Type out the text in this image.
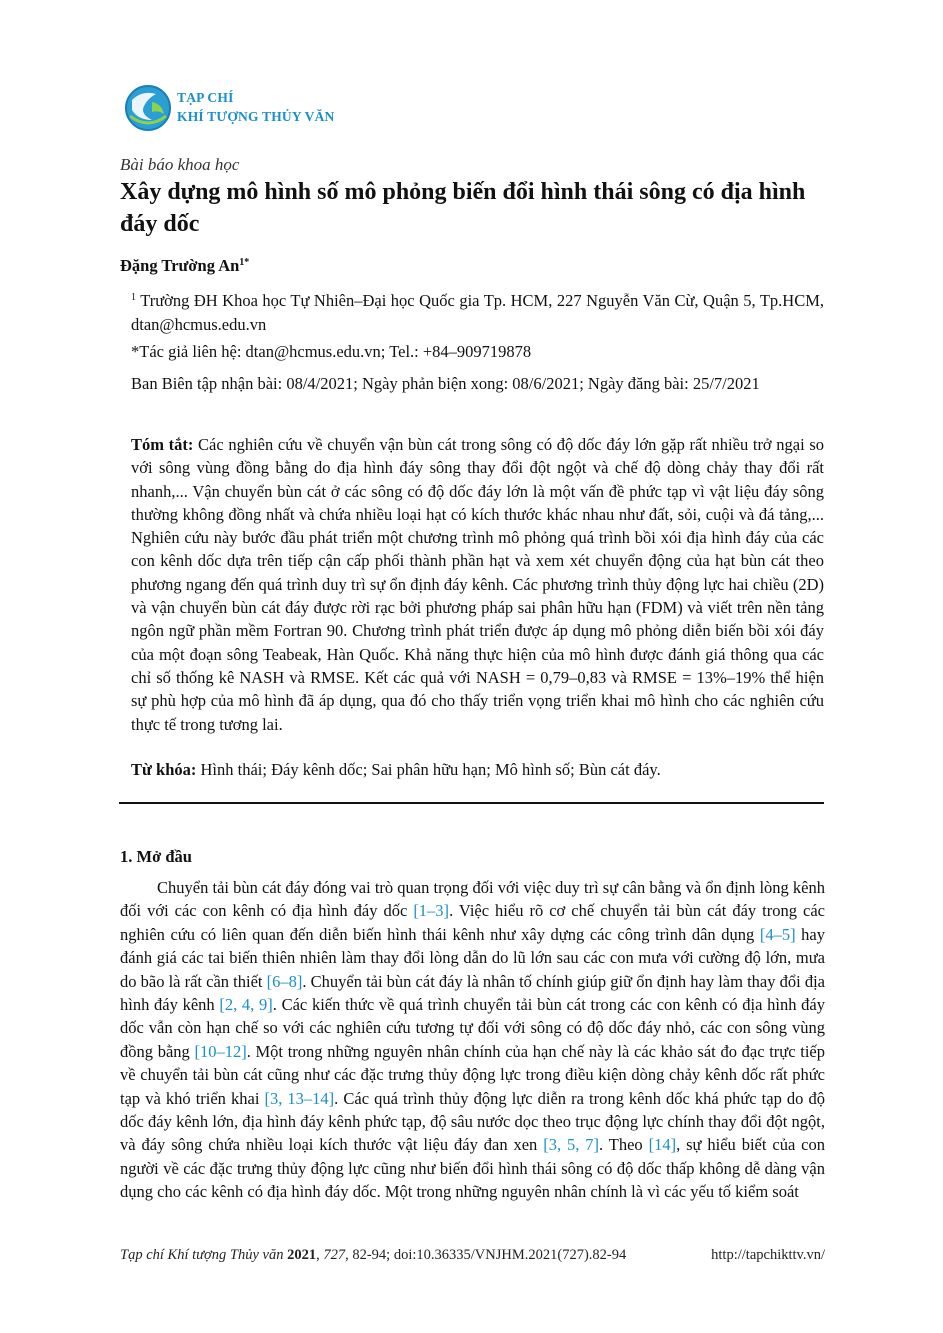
TẠP CHÍ
KHÍ TƯỢNG THỦY VĂN
Bài báo khoa học
Xây dựng mô hình số mô phỏng biến đổi hình thái sông có địa hình đáy dốc
Đặng Trường $An^{1*}$
$^1$ Trường ĐH Khoa học Tự Nhiên–Đại học Quốc gia Tp. HCM, 227 Nguyễn Văn Cừ, Quận 5, Tp.HCM, dtan@hcmus.edu.vn
*Tác giả liên hệ: dtan@hcmus.edu.vn; Tel.: +84–909719878
Ban Biên tập nhận bài: 08/4/2021; Ngày phản biện xong: 08/6/2021; Ngày đăng bài: 25/7/2021
Tóm tắt: Các nghiên cứu về chuyển vận bùn cát trong sông có độ dốc đáy lớn gặp rất nhiều trở ngại so với sông vùng đồng bằng do địa hình đáy sông thay đổi đột ngột và chế độ dòng chảy thay đổi rất nhanh,... Vận chuyển bùn cát ở các sông có độ dốc đáy lớn là một vấn đề phức tạp vì vật liệu đáy sông thường không đồng nhất và chứa nhiều loại hạt có kích thước khác nhau như đất, sỏi, cuội và đá tảng,... Nghiên cứu này bước đầu phát triển một chương trình mô phỏng quá trình bồi xói địa hình đáy của các con kênh dốc dựa trên tiếp cận cấp phối thành phần hạt và xem xét chuyển động của hạt bùn cát theo phương ngang đến quá trình duy trì sự ổn định đáy kênh. Các phương trình thủy động lực hai chiều (2D) và vận chuyển bùn cát đáy được rời rạc bởi phương pháp sai phân hữu hạn (FDM) và viết trên nền tảng ngôn ngữ phần mềm Fortran 90. Chương trình phát triển được áp dụng mô phỏng diễn biến bồi xói đáy của một đoạn sông Teabeak, Hàn Quốc. Khả năng thực hiện của mô hình được đánh giá thông qua các chỉ số thống kê NASH và RMSE. Kết các quả với NASH = 0,79–0,83 và RMSE = 13%–19% thể hiện sự phù hợp của mô hình đã áp dụng, qua đó cho thấy triển vọng triển khai mô hình cho các nghiên cứu thực tế trong tương lai.
Từ khóa: Hình thái; Đáy kênh dốc; Sai phân hữu hạn; Mô hình số; Bùn cát đáy.
1. Mở đầu
Chuyển tải bùn cát đáy đóng vai trò quan trọng đối với việc duy trì sự cân bằng và ổn định lòng kênh đối với các con kênh có địa hình đáy dốc [1–3]. Việc hiểu rõ cơ chế chuyển tải bùn cát đáy trong các nghiên cứu có liên quan đến diễn biến hình thái kênh như xây dựng các công trình dân dụng [4–5] hay đánh giá các tai biến thiên nhiên làm thay đổi lòng dẫn do lũ lớn sau các con mưa với cường độ lớn, mưa do bão là rất cần thiết [6–8]. Chuyển tải bùn cát đáy là nhân tố chính giúp giữ ổn định hay làm thay đổi địa hình đáy kênh [2, 4, 9]. Các kiến thức về quá trình chuyển tải bùn cát trong các con kênh có địa hình đáy dốc vẫn còn hạn chế so với các nghiên cứu tương tự đối với sông có độ dốc đáy nhỏ, các con sông vùng đồng bằng [10–12]. Một trong những nguyên nhân chính của hạn chế này là các khảo sát đo đạc trực tiếp về chuyển tải bùn cát cũng như các đặc trưng thủy động lực trong điều kiện dòng chảy kênh dốc rất phức tạp và khó triển khai [3, 13–14]. Các quá trình thủy động lực diễn ra trong kênh dốc khá phức tạp do độ dốc đáy kênh lớn, địa hình đáy kênh phức tạp, độ sâu nước dọc theo trục động lực chính thay đổi đột ngột, và đáy sông chứa nhiều loại kích thước vật liệu đáy đan xen [3, 5, 7]. Theo [14], sự hiểu biết của con người về các đặc trưng thủy động lực cũng như biến đổi hình thái sông có độ dốc thấp không dễ dàng vận dụng cho các kênh có địa hình đáy dốc. Một trong những nguyên nhân chính là vì các yếu tố kiểm soát
Tạp chí Khí tượng Thủy văn 2021, 727, 82-94; doi:10.36335/VNJHM.2021(727).82-94	http://tapchikttv.vn/
